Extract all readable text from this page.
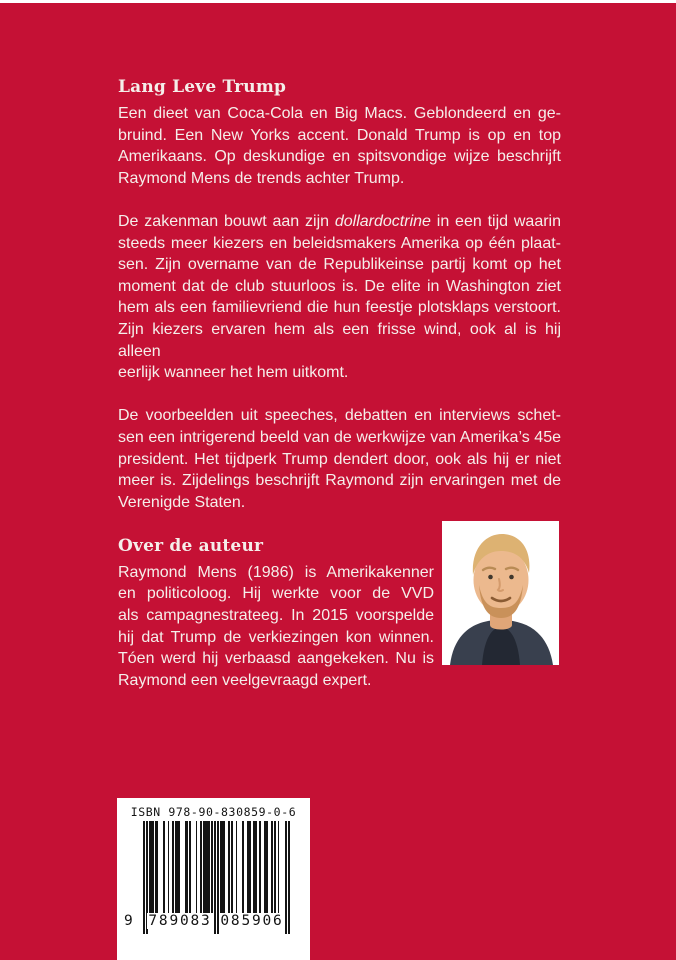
Lang Leve Trump
Een dieet van Coca-Cola en Big Macs. Geblondeerd en ge-
bruind. Een New Yorks accent. Donald Trump is op en top
Amerikaans. Op deskundige en spitsvondige wijze beschrijft
Raymond Mens de trends achter Trump.
De zakenman bouwt aan zijn dollardoctrine in een tijd waarin
steeds meer kiezers en beleidsmakers Amerika op één plaat-
sen. Zijn overname van de Republikeinse partij komt op het
moment dat de club stuurloos is. De elite in Washington ziet
hem als een familievriend die hun feestje plotsklaps verstoort.
Zijn kiezers ervaren hem als een frisse wind, ook al is hij alleen
eerlijk wanneer het hem uitkomt.
De voorbeelden uit speeches, debatten en interviews schet-
sen een intrigerend beeld van de werkwijze van Amerika’s 45e
president. Het tijdperk Trump dendert door, ook als hij er niet
meer is. Zijdelings beschrijft Raymond zijn ervaringen met de
Verenigde Staten.
Over de auteur
Raymond Mens (1986) is Amerikakenner
en politicoloog. Hij werkte voor de VVD
als campagnestrateeg. In 2015 voorspelde
hij dat Trump de verkiezingen kon winnen.
Tóen werd hij verbaasd aangekeken. Nu is
Raymond een veelgevraagd expert.
ISBN 978-90-830859-0-6
9 789083 085906
